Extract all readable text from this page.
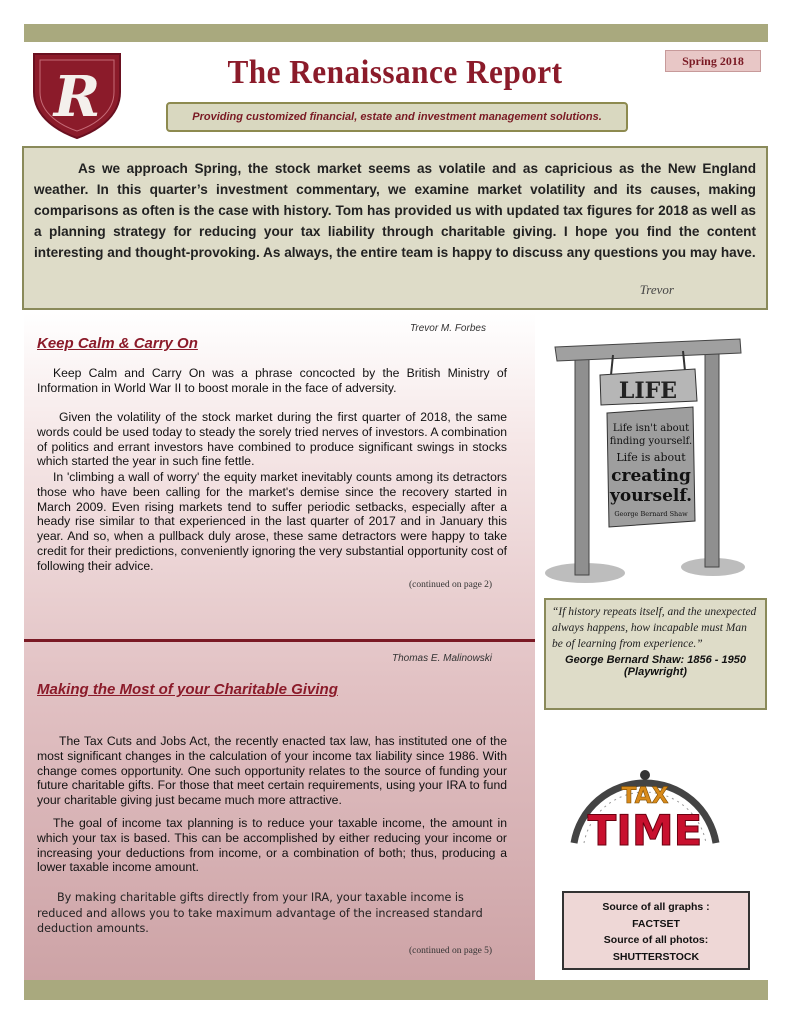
R	The Renaissance Report	Spring 2018
Providing customized financial, estate and investment management solutions.

As we approach Spring, the stock market seems as volatile and as capricious as the New England weather. In this quarter’s investment commentary, we examine market volatility and its causes, making comparisons as often is the case with history. Tom has provided us with updated tax figures for 2018 as well as a planning strategy for reducing your tax liability through charitable giving. I hope you find the content interesting and thought-provoking. As always, the entire team is happy to discuss any questions you may have.

Trevor
Trevor M. Forbes
Keep Calm & Carry On

Keep Calm and Carry On was a phrase concocted by the British Ministry of Information in World War II to boost morale in the face of adversity.

Given the volatility of the stock market during the first quarter of 2018, the same words could be used today to steady the sorely tried nerves of investors. A combination of politics and errant investors have combined to produce significant swings in stocks which started the year in such fine fettle.

In 'climbing a wall of worry' the equity market inevitably counts among its detractors those who have been calling for the market's demise since the recovery started in March 2009. Even rising markets tend to suffer periodic setbacks, especially after a heady rise similar to that experienced in the last quarter of 2017 and in January this year. And so, when a pullback duly arose, these same detractors were happy to take credit for their predictions, conveniently ignoring the very substantial opportunity cost of following their advice.

(continued on page 2)
Thomas E. Malinowski
Making the Most of your Charitable Giving

The Tax Cuts and Jobs Act, the recently enacted tax law, has instituted one of the most significant changes in the calculation of your income tax liability since 1986. With change comes opportunity. One such opportunity relates to the source of funding your future charitable gifts. For those that meet certain requirements, using your IRA to fund your charitable giving just became much more attractive.

The goal of income tax planning is to reduce your taxable income, the amount in which your tax is based. This can be accomplished by either reducing your income or increasing your deductions from income, or a combination of both; thus, producing a lower taxable income amount.

By making charitable gifts directly from your IRA, your taxable income is reduced and allows you to take maximum advantage of the increased standard deduction amounts.

(continued on page 5)
LIFE
Life isn't about
finding yourself.
Life is about
creating
yourself.
George Bernard Shaw

“If history repeats itself, and the unexpected always happens, how incapable must Man be of learning from experience.”

George Bernard Shaw: 1856 - 1950
(Playwright)
TAX
TIME
Source of all graphs :
FACTSET
Source of all photos:
SHUTTERSTOCK
